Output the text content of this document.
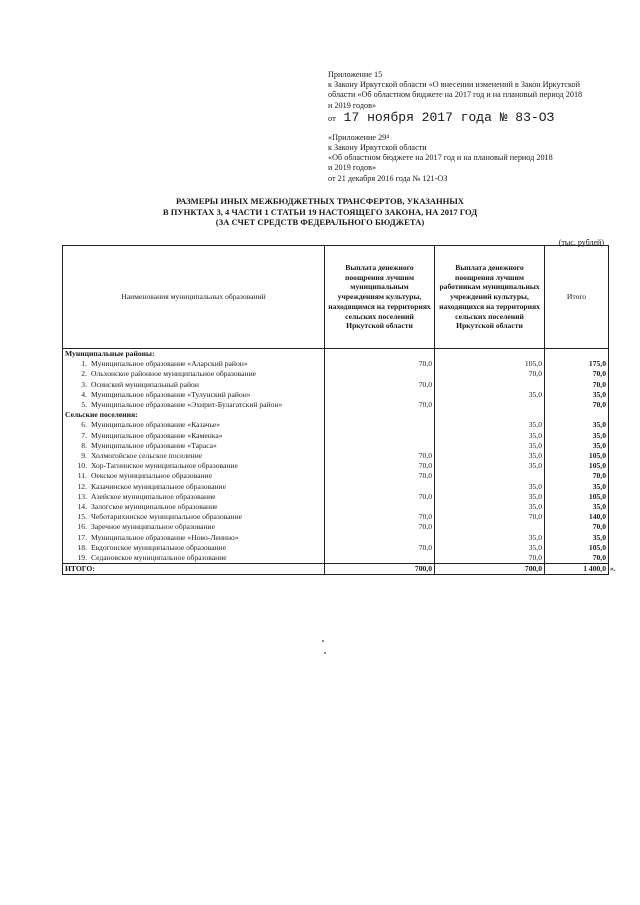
Приложение 15
к Закону Иркутской области «О внесении изменений в Закон Иркутской
области «Об областном бюджете на 2017 год и на плановый период 2018
и 2019 годов»
от 17 ноября 2017 года № 83-ОЗ
«Приложение 29⁴
к Закону Иркутской области
«Об областном бюджете на 2017 год и на плановый период 2018
и 2019 годов»
от 21 декабря 2016 года № 121-ОЗ
РАЗМЕРЫ ИНЫХ МЕЖБЮДЖЕТНЫХ ТРАНСФЕРТОВ, УКАЗАННЫХ
В ПУНКТАХ 3, 4 ЧАСТИ 1 СТАТЬИ 19 НАСТОЯЩЕГО ЗАКОНА, НА 2017 ГОД
(ЗА СЧЕТ СРЕДСТВ ФЕДЕРАЛЬНОГО БЮДЖЕТА)
(тыс. рублей)
Наименования муниципальных образований	Выплата денежного поощрения лучшим муниципальным учреждениям культуры, находящимся на территориях сельских поселений Иркутской области	Выплата денежного поощрения лучшим работникам муниципальных учреждений культуры, находящихся на территориях сельских поселений Иркутской области	Итого
Муниципальные районы:			
1. Муниципальное образование «Аларский район»	70,0	105,0	175,0
2. Ольхонское районное муниципальное образование		70,0	70,0
3. Осинский муниципальный район	70,0		70,0
4. Муниципальное образование «Тулунский район»		35,0	35,0
5. Муниципальное образование «Эхирит-Булагатский район»	70,0		70,0
Сельские поселения:			
6. Муниципальное образование «Казачье»		35,0	35,0
7. Муниципальное образование «Каменка»		35,0	35,0
8. Муниципальное образование «Тараса»		35,0	35,0
9. Холмогойское сельское поселение	70,0	35,0	105,0
10. Хор-Тагнинское муниципальное образование	70,0	35,0	105,0
11. Оекское муниципальное образование	70,0		70,0
12. Казачинское муниципальное образование		35,0	35,0
13. Азейское муниципальное образование	70,0	35,0	105,0
14. Залогское муниципальное образование		35,0	35,0
15. Чеботарихинское муниципальное образование	70,0	70,0	140,0
16. Заречное муниципальное образование	70,0		70,0
17. Муниципальное образование «Ново-Ленино»		35,0	35,0
18. Евдогонское муниципальное образование	70,0	35,0	105,0
19. Седановское муниципальное образование		70,0	70,0
ИТОГО:	700,0	700,0	1 400,0 ».
